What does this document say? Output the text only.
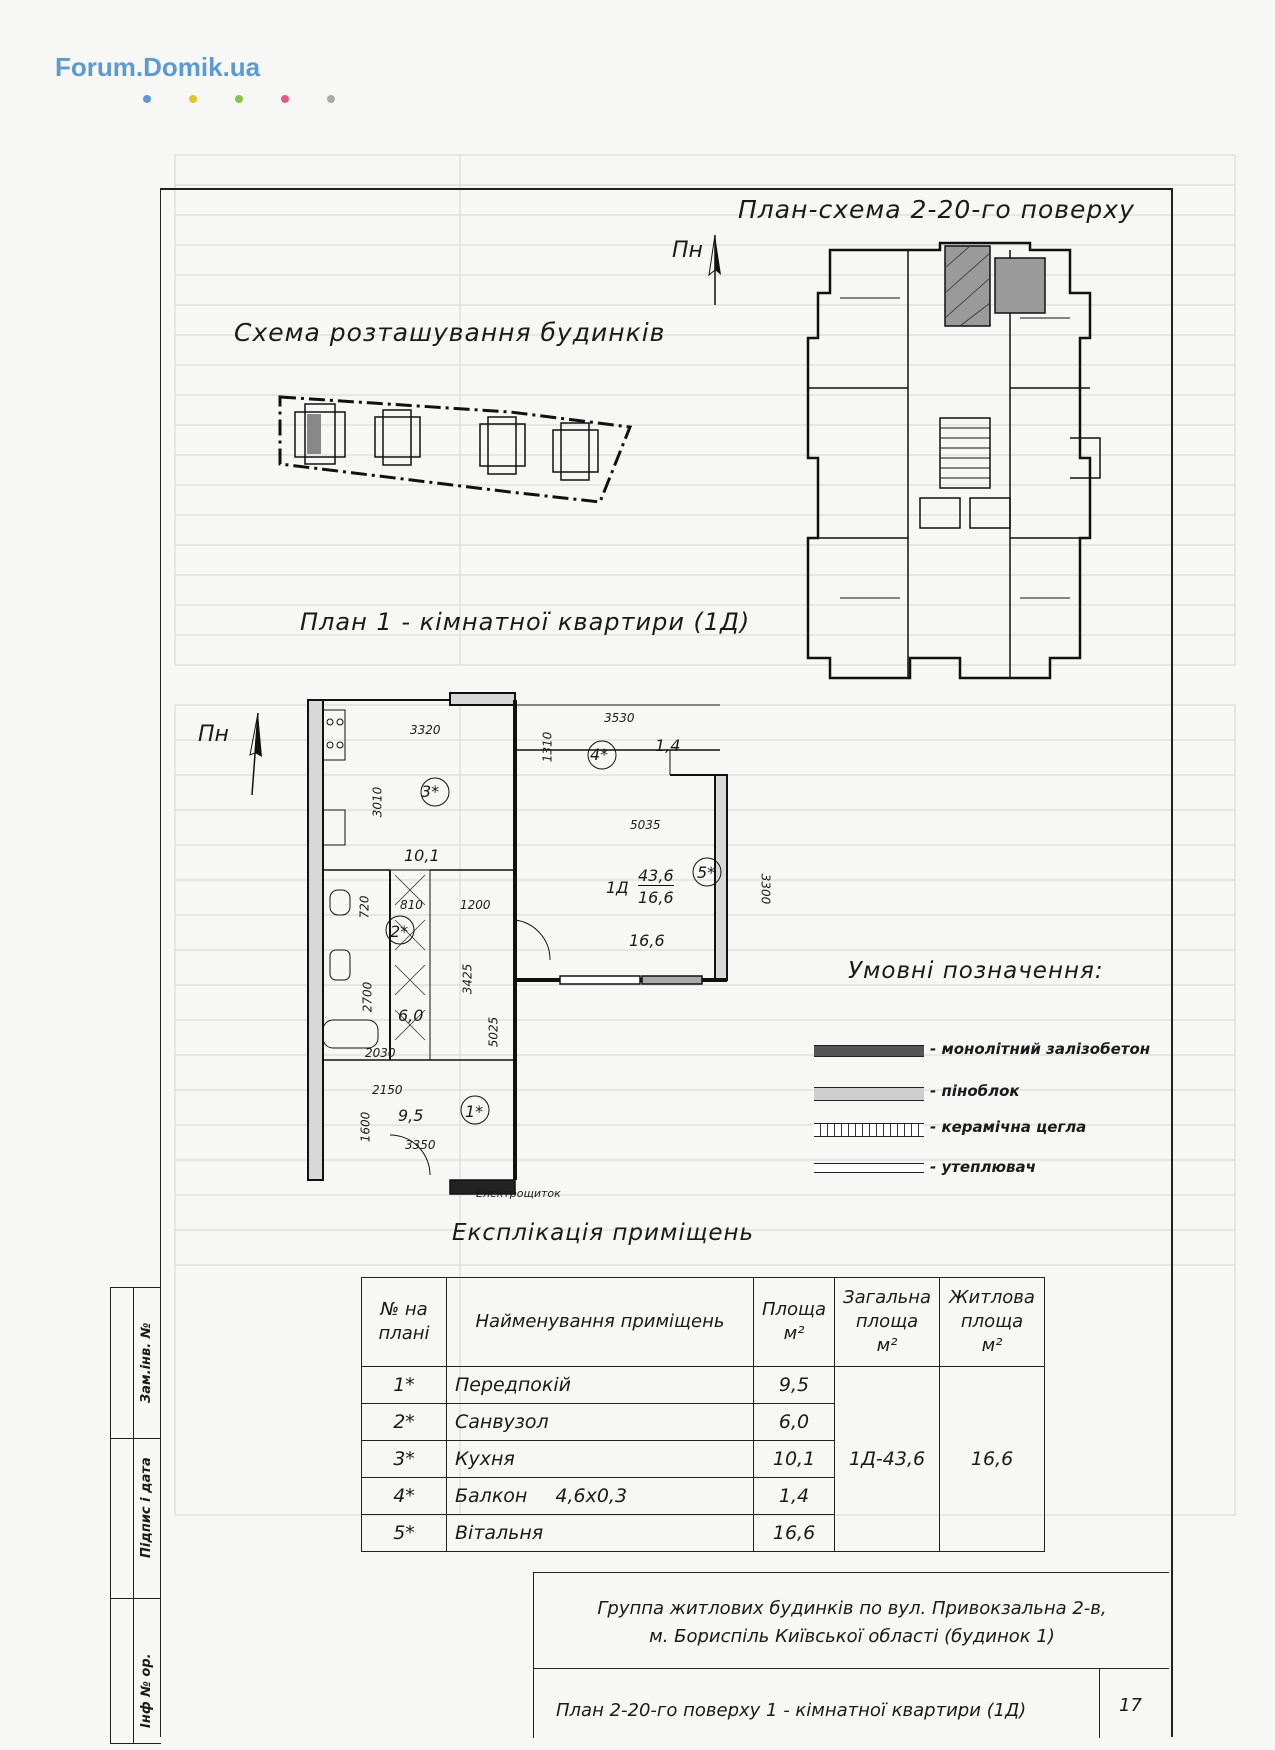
Forum.Domik.ua
Зам.інв. №
Підпис і дата
Інф № ор.
План-схема 2-20-го поверху
Пн
Схема розташування будинків
План 1 - кімнатної квартири (1Д)
Пн
3*
10,1
4*	1,4
5*
16,6
2*
6,0
1*
9,5
1Д
43,6
16,6
3320
3530
1310
3010
5035
3300
810	1200
720
3425
2700
2030
5025
2150
1600
3350
Електрощиток
Умовні позначення:
- монолітний залізобетон
- піноблок
- керамічна цегла
- утеплювач
Експлікація приміщень
№ на плані	Найменування приміщень	Площа м²	Загальна площа м²	Житлова площа м²
1*	Передпокій	9,5	1Д-43,6	16,6
2*	Санвузол	6,0		
3*	Кухня	10,1		
4*	Балкон 4,6х0,3	1,4		
5*	Вітальня	16,6		
Группа житлових будинків по вул. Привокзальна 2-в,
м. Бориспіль Київської області (будинок 1)
План 2-20-го поверху 1 - кімнатної квартири (1Д)	17
